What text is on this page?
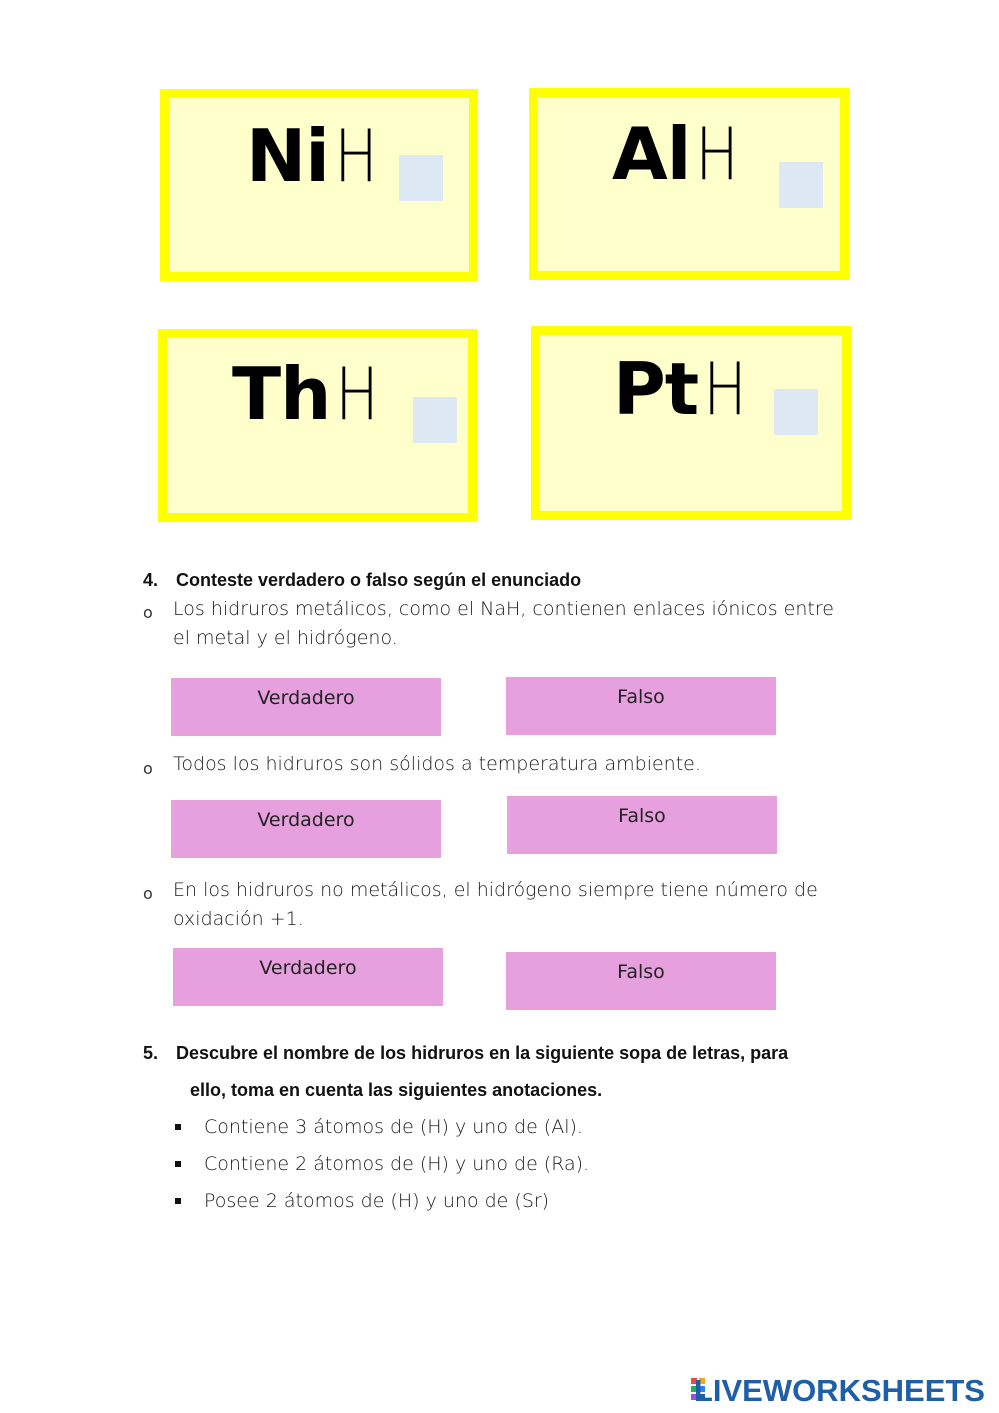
NiH	AlH
ThH	PtH
4. Conteste verdadero o falso según el enunciado
o Los hidruros metálicos, como el NaH, contienen enlaces iónicos entre
el metal y el hidrógeno.
Verdadero	Falso
o Todos los hidruros son sólidos a temperatura ambiente.
Verdadero	Falso
o En los hidruros no metálicos, el hidrógeno siempre tiene número de
oxidación +1.
Verdadero	Falso
5. Descubre el nombre de los hidruros en la siguiente sopa de letras, para
ello, toma en cuenta las siguientes anotaciones.
Contiene 3 átomos de (H) y uno de (Al).
Contiene 2 átomos de (H) y uno de (Ra).
Posee 2 átomos de (H) y uno de (Sr)
LIVEWORKSHEETS
